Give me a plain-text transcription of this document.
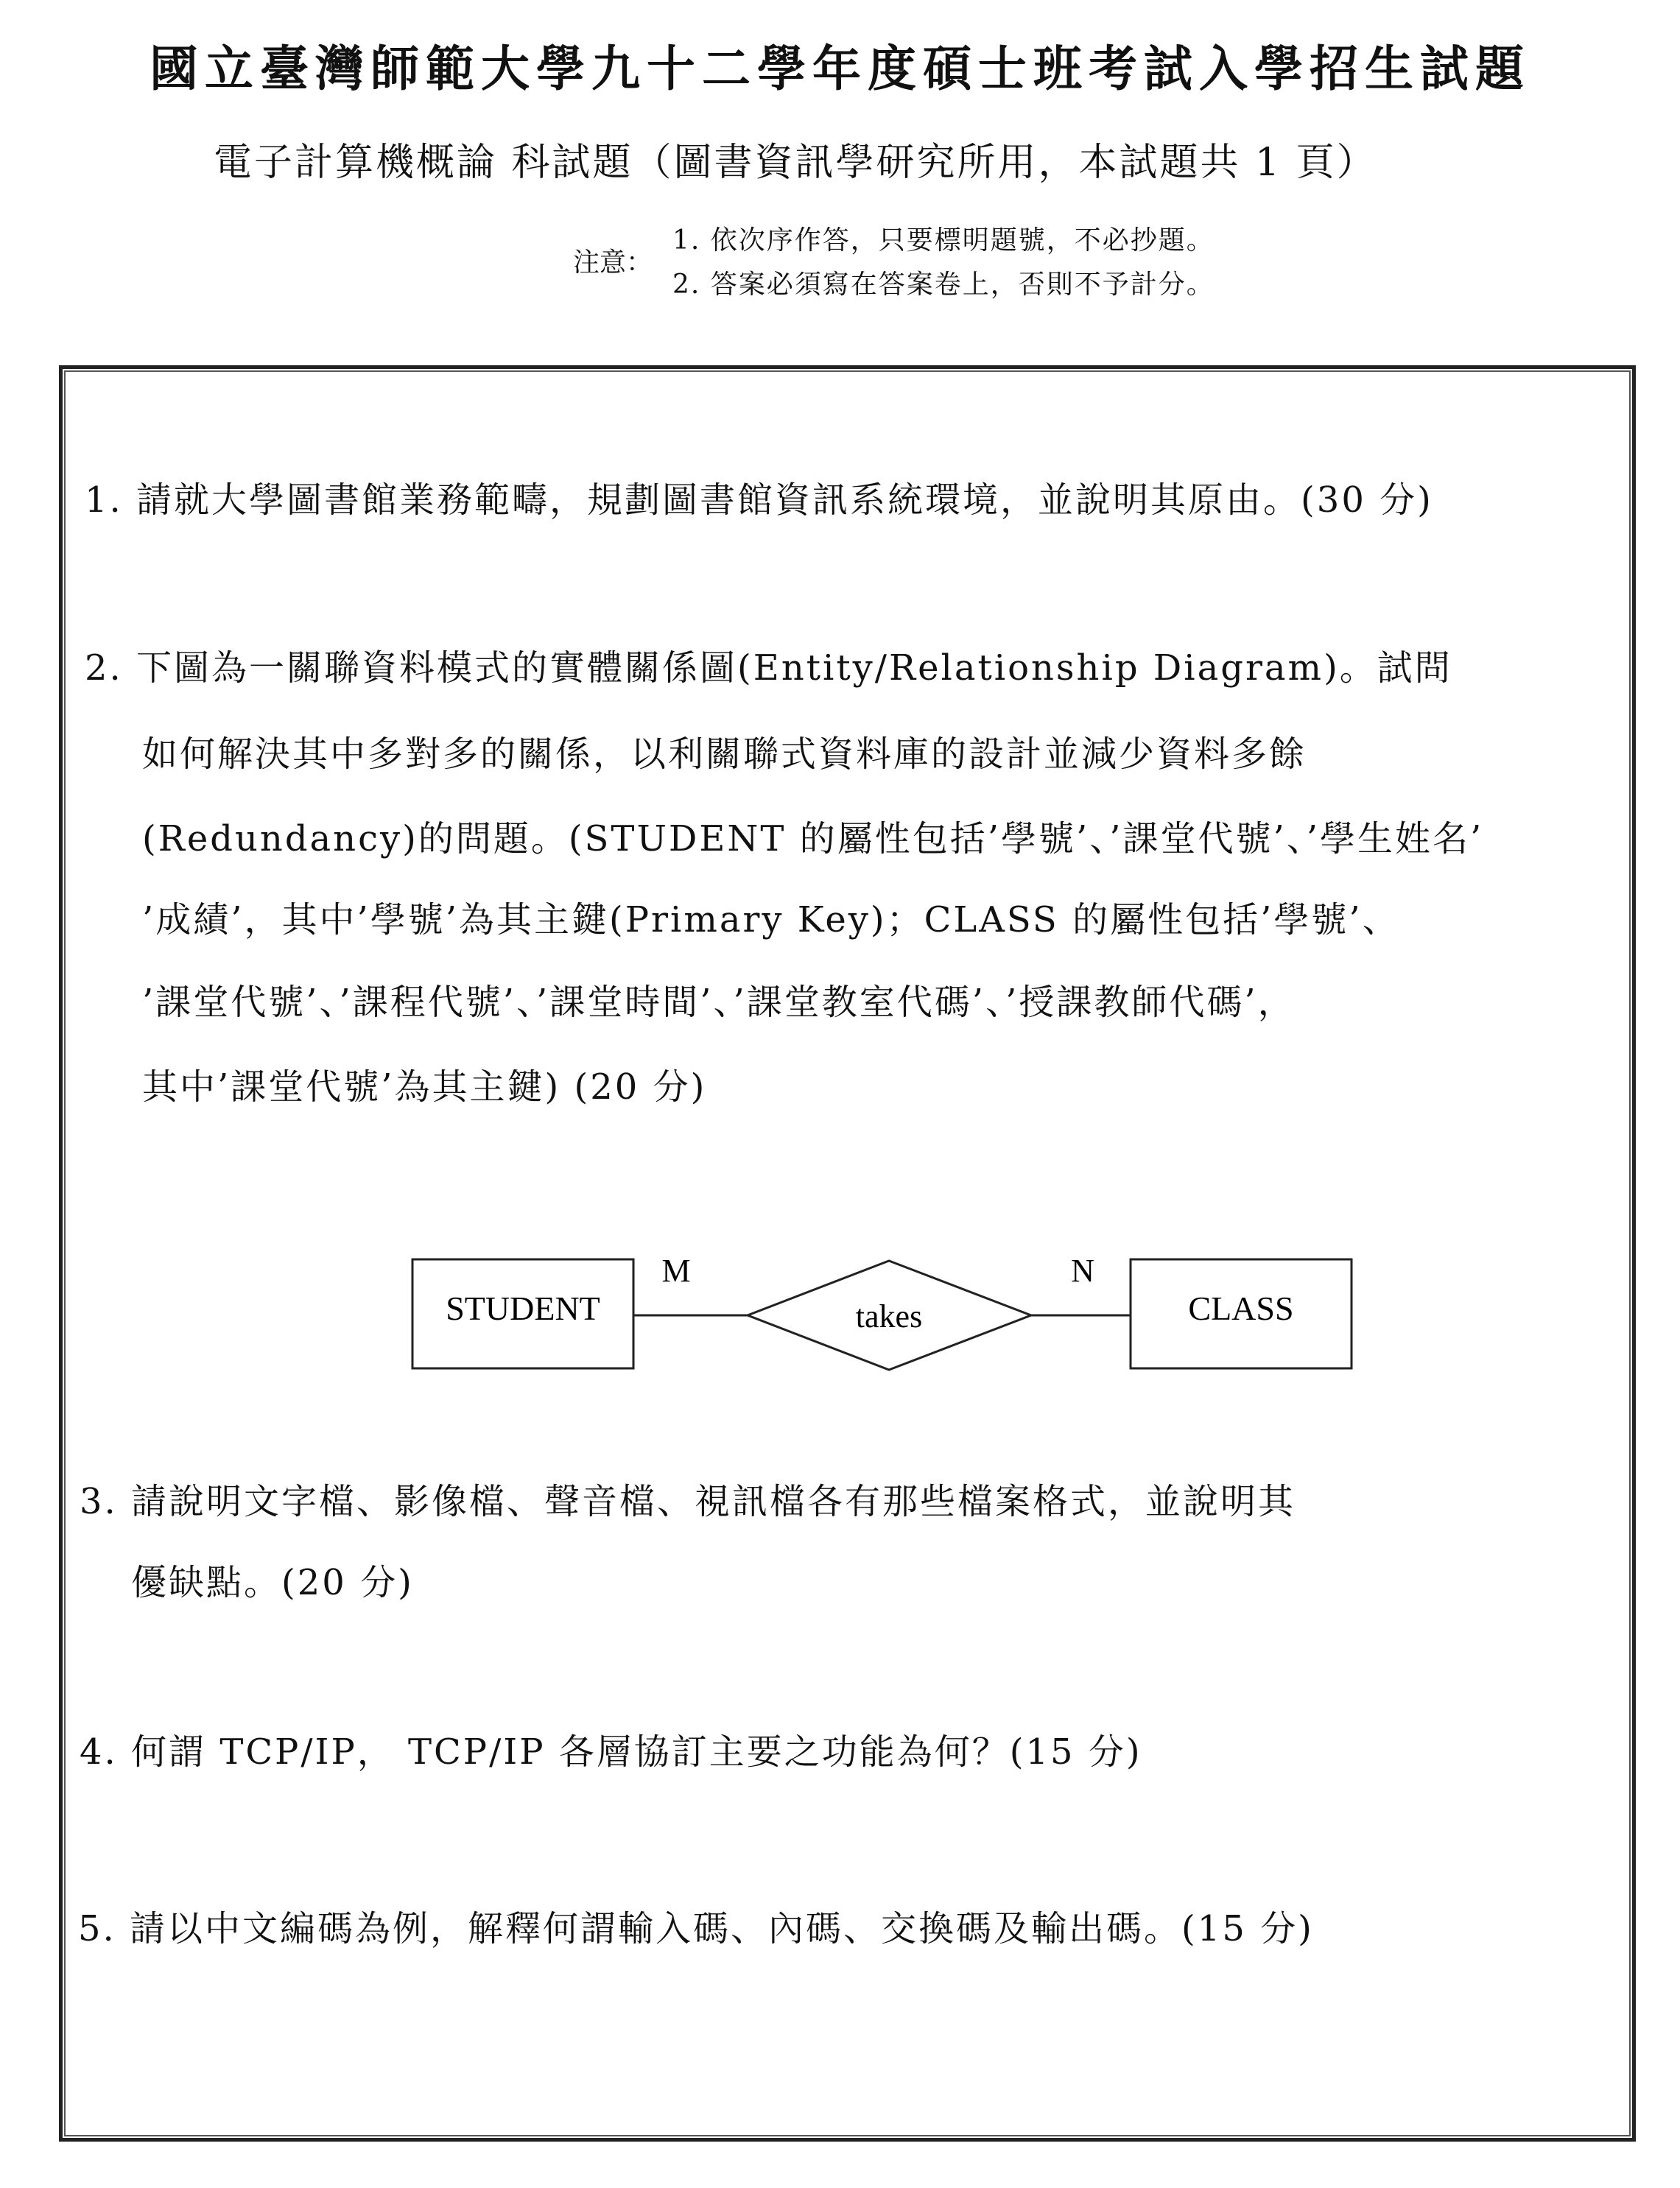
國立臺灣師範大學九十二學年度碩士班考試入學招生試題
電子計算機概論 科試題（圖書資訊學研究所用，本試題共 1 頁）
注意：
1. 依次序作答，只要標明題號，不必抄題。
2. 答案必須寫在答案卷上，否則不予計分。
1. 請就大學圖書館業務範疇，規劃圖書館資訊系統環境，並說明其原由。(30 分)
2. 下圖為一關聯資料模式的實體關係圖(Entity/Relationship Diagram)。試問
如何解決其中多對多的關係，以利關聯式資料庫的設計並減少資料多餘
(Redundancy)的問題。(STUDENT 的屬性包括’學號’、’課堂代號’、’學生姓名’
’成績’，其中’學號’為其主鍵(Primary Key)；CLASS 的屬性包括’學號’、
’課堂代號’、’課程代號’、’課堂時間’、’課堂教室代碼’、’授課教師代碼’，
其中’課堂代號’為其主鍵) (20 分)
STUDENT
M
takes
N
CLASS
3. 請說明文字檔、影像檔、聲音檔、視訊檔各有那些檔案格式，並說明其
優缺點。(20 分)
4. 何謂 TCP/IP， TCP/IP 各層協訂主要之功能為何？(15 分)
5. 請以中文編碼為例，解釋何謂輸入碼、內碼、交換碼及輸出碼。(15 分)
